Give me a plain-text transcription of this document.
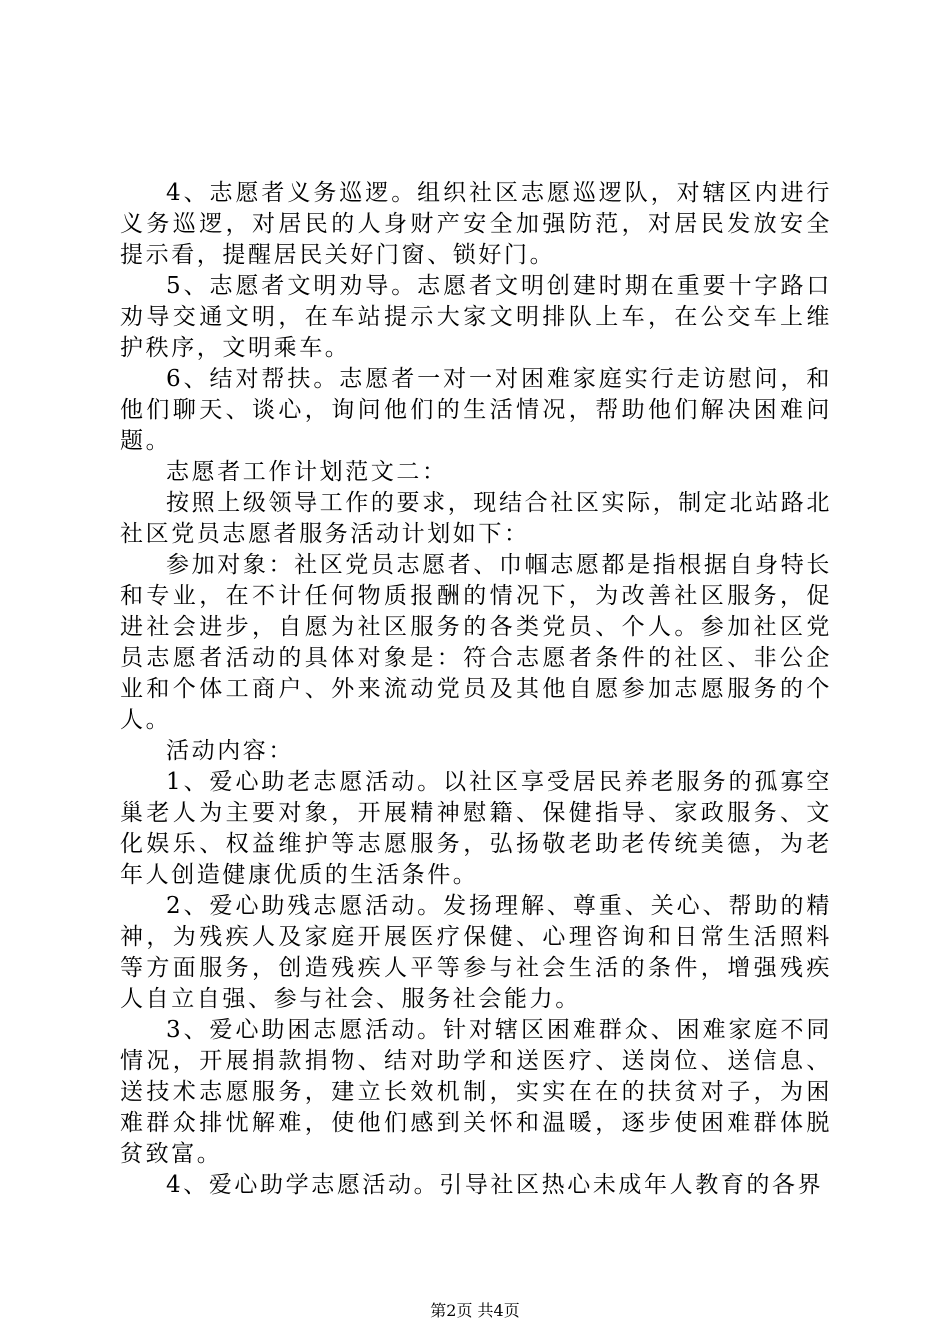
4、志愿者义务巡逻。组织社区志愿巡逻队，对辖区内进行义务巡逻，对居民的人身财产安全加强防范，对居民发放安全提示看，提醒居民关好门窗、锁好门。

5、志愿者文明劝导。志愿者文明创建时期在重要十字路口劝导交通文明，在车站提示大家文明排队上车，在公交车上维护秩序，文明乘车。

6、结对帮扶。志愿者一对一对困难家庭实行走访慰问，和他们聊天、谈心，询问他们的生活情况，帮助他们解决困难问题。

志愿者工作计划范文二：

按照上级领导工作的要求，现结合社区实际，制定北站路北社区党员志愿者服务活动计划如下：

参加对象：社区党员志愿者、巾帼志愿都是指根据自身特长和专业，在不计任何物质报酬的情况下，为改善社区服务，促进社会进步，自愿为社区服务的各类党员、个人。参加社区党员志愿者活动的具体对象是：符合志愿者条件的社区、非公企业和个体工商户、外来流动党员及其他自愿参加志愿服务的个人。

活动内容：

1、爱心助老志愿活动。以社区享受居民养老服务的孤寡空巢老人为主要对象，开展精神慰籍、保健指导、家政服务、文化娱乐、权益维护等志愿服务，弘扬敬老助老传统美德，为老年人创造健康优质的生活条件。

2、爱心助残志愿活动。发扬理解、尊重、关心、帮助的精神，为残疾人及家庭开展医疗保健、心理咨询和日常生活照料等方面服务，创造残疾人平等参与社会生活的条件，增强残疾人自立自强、参与社会、服务社会能力。

3、爱心助困志愿活动。针对辖区困难群众、困难家庭不同情况，开展捐款捐物、结对助学和送医疗、送岗位、送信息、送技术志愿服务，建立长效机制，实实在在的扶贫对子，为困难群众排忧解难，使他们感到关怀和温暖，逐步使困难群体脱贫致富。

4、爱心助学志愿活动。引导社区热心未成年人教育的各界

第2页 共4页
